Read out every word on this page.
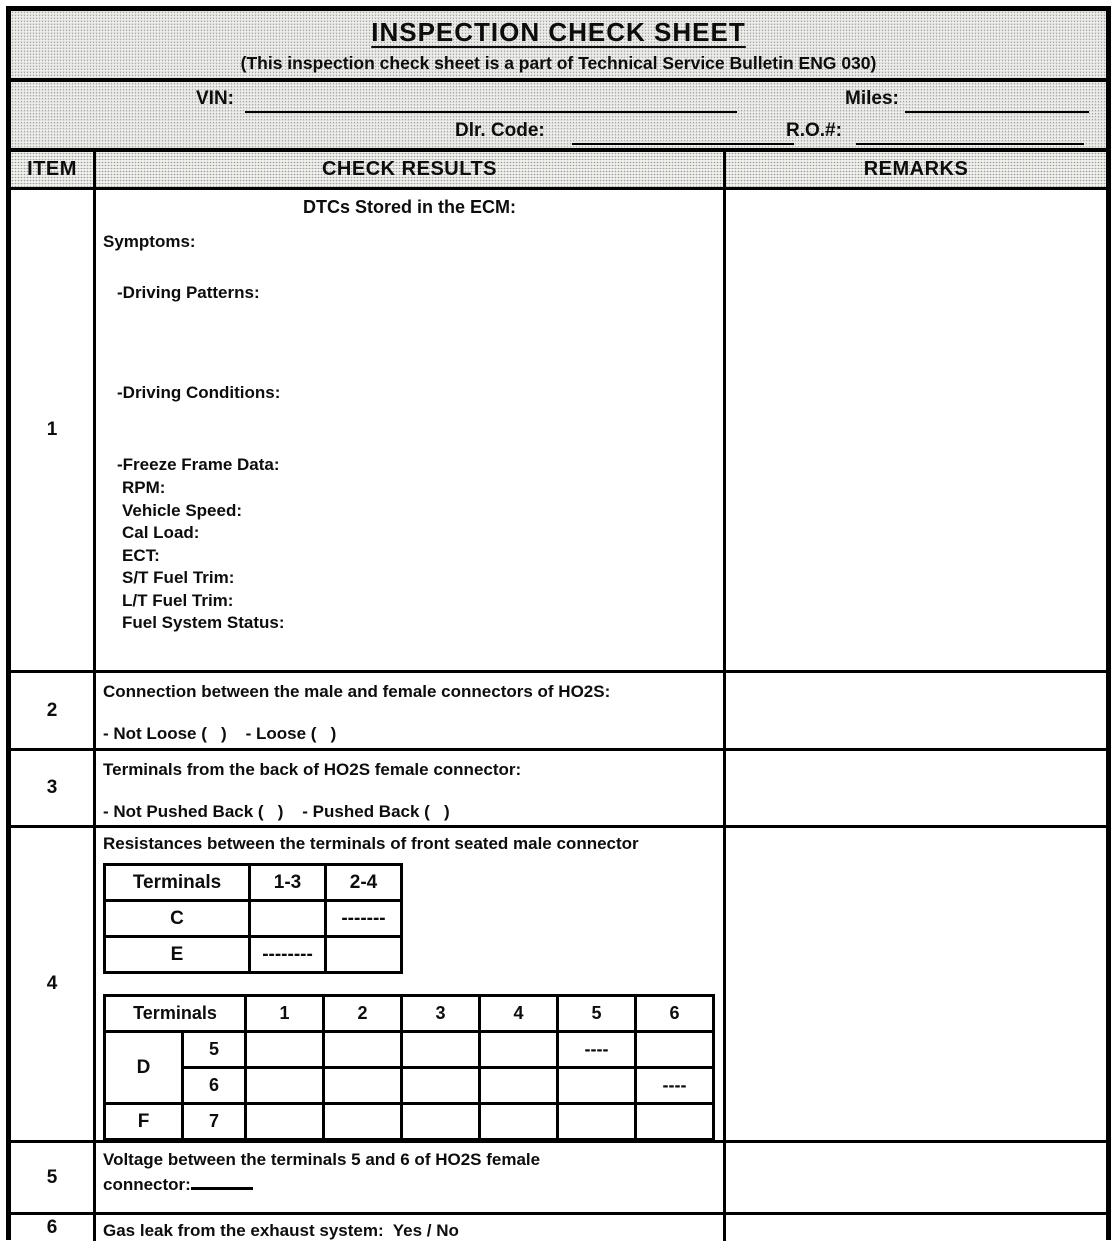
INSPECTION CHECK SHEET
(This inspection check sheet is a part of Technical Service Bulletin ENG 030)
VIN:	Miles:
Dlr. Code:	R.O.#:
ITEM	CHECK RESULTS	REMARKS
1
DTCs Stored in the ECM:
Symptoms:
-Driving Patterns:
-Driving Conditions:
-Freeze Frame Data:
RPM:
Vehicle Speed:
Cal Load:
ECT:
S/T Fuel Trim:
L/T Fuel Trim:
Fuel System Status:
2
Connection between the male and female connectors of HO2S:
- Not Loose (   )    - Loose (   )
3
Terminals from the back of HO2S female connector:
- Not Pushed Back (   )    - Pushed Back (   )
4
Resistances between the terminals of front seated male connector
Terminals	1-3	2-4
C		-------
E	--------	
Terminals		1	2	3	4	5	6
D	5					----	
	6						----
F	7						
5
Voltage between the terminals 5 and 6 of HO2S female
connector:
6	Gas leak from the exhaust system:  Yes / No
